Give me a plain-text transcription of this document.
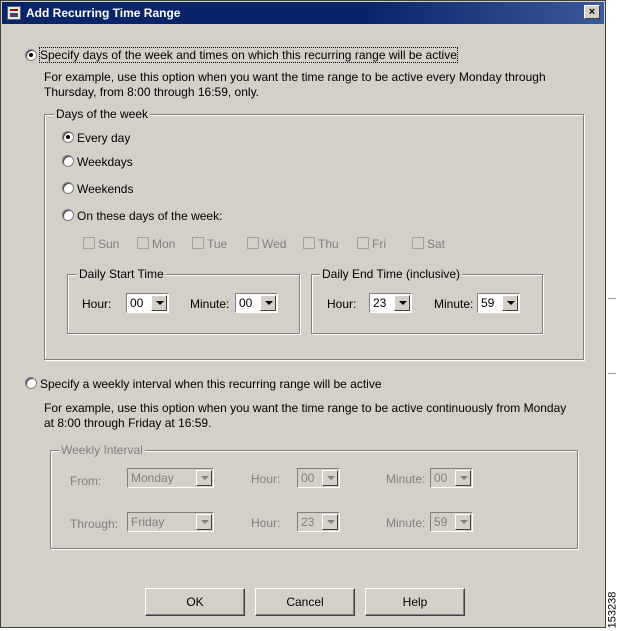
Add Recurring Time Range	×
Specify days of the week and times on which this recurring range will be active
For example, use this option when you want the time range to be active every Monday through
Thursday, from 8:00 through 16:59, only.
Days of the week
Every day
Weekdays
Weekends
On these days of the week:
Sun	Mon	Tue	Wed	Thu	Fri	Sat
Daily Start Time
Hour: 00	Minute: 00
Daily End Time (inclusive)
Hour: 23	Minute: 59
Specify a weekly interval when this recurring range will be active
For example, use this option when you want the time range to be active continuously from Monday
at 8:00 through Friday at 16:59.
Weekly Interval
From: Monday	Hour: 00	Minute: 00
Through: Friday	Hour: 23	Minute: 59
OK	Cancel	Help	153238
